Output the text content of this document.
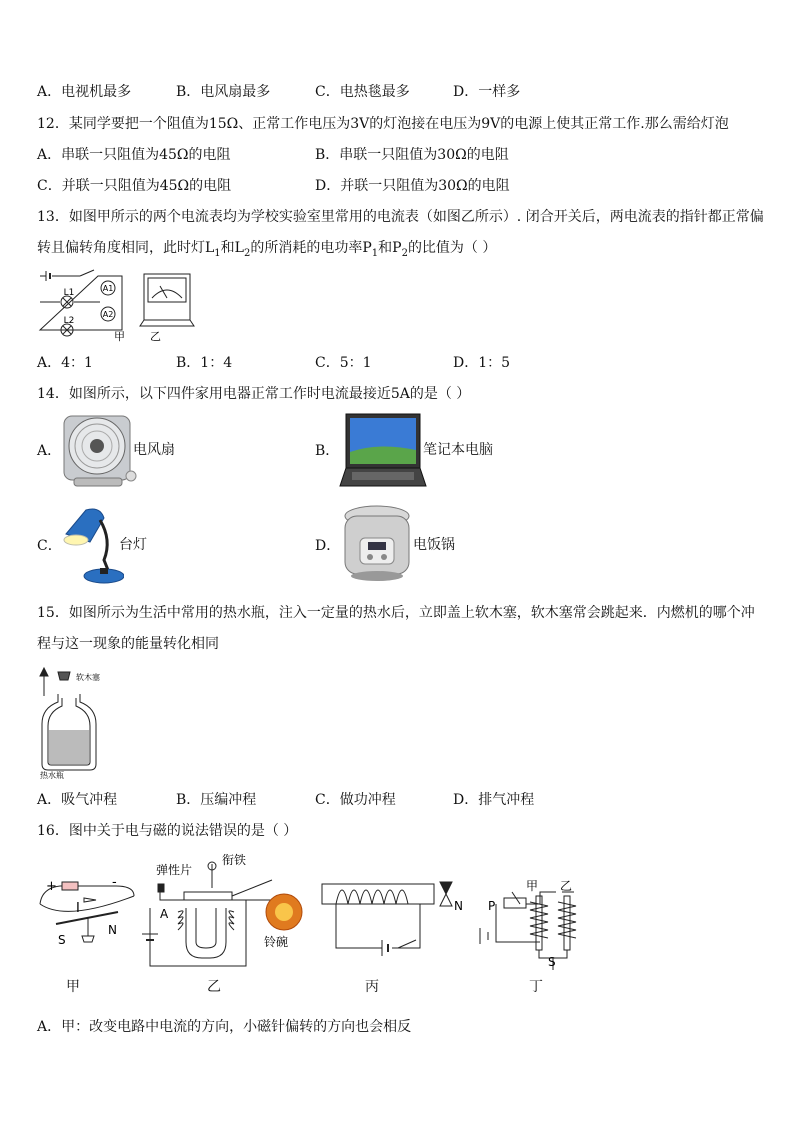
A．电视机最多	B．电风扇最多	C．电热毯最多	D．一样多
12．某同学要把一个阻值为15Ω、正常工作电压为3V的灯泡接在电压为9V的电源上使其正常工作.那么需给灯泡
A．串联一只阻值为45Ω的电阻	B．串联一只阻值为30Ω的电阻
C．并联一只阻值为45Ω的电阻	D．并联一只阻值为30Ω的电阻
13．如图甲所示的两个电流表均为学校实验室里常用的电流表（如图乙所示）. 闭合开关后，两电流表的指针都正常偏
转且偏转角度相同，此时灯$L_1$和$L_2$的所消耗的电功率$P_1$和$P_2$的比值为（ ）
L1
L2
A1
A2
甲 乙
A．4：1	B．1：4	C．5：1	D．1：5
14．如图所示，以下四件家用电器正常工作时电流最接近5A的是（ ）
A．	电风扇	B．	笔记本电脑
C．	台灯	D．	电饭锅
15．如图所示为生活中常用的热水瓶，注入一定量的热水后，立即盖上软木塞，软木塞常会跳起来．内燃机的哪个冲
程与这一现象的能量转化相同
软木塞
热水瓶
A．吸气冲程	B．压编冲程	C．做功冲程	D．排气冲程
16．图中关于电与磁的说法错误的是（ ）
+	-
I
S
N
弹性片
衔铁
A
铃碗
N P
甲 乙
S
甲	乙	丙	丁
A．甲：改变电路中电流的方向，小磁针偏转的方向也会相反
